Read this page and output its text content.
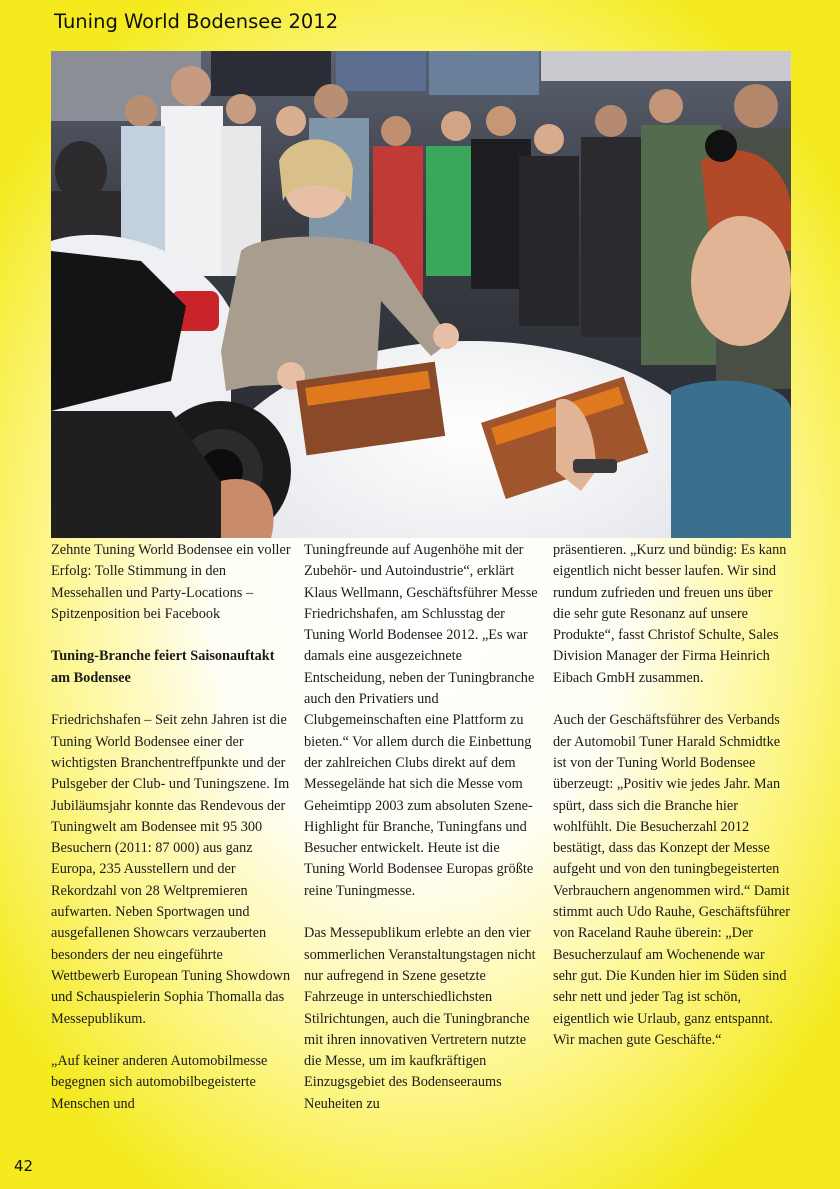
Tuning World Bodensee 2012

Zehnte Tuning World Bodensee ein voller Erfolg: Tolle Stimmung in den Messehallen und Party-Locations – Spitzenposition bei Facebook

Tuning-Branche feiert Saisonauftakt am Bodensee

Friedrichshafen – Seit zehn Jahren ist die Tuning World Bodensee einer der wichtigsten Branchentreffpunkte und der Pulsgeber der Club- und Tuningszene. Im Jubiläumsjahr konnte das Rendevous der Tuningwelt am Bodensee mit 95 300 Besuchern (2011: 87 000) aus ganz Europa, 235 Ausstellern und der Rekordzahl von 28 Weltpremieren aufwarten. Neben Sportwagen und ausgefallenen Showcars verzauberten besonders der neu eingeführte Wettbewerb European Tuning Showdown und Schauspielerin Sophia Thomalla das Messepublikum.

„Auf keiner anderen Automobilmesse begegnen sich automobilbegeisterte Menschen und

Tuningfreunde auf Augenhöhe mit der Zubehör- und Autoindustrie“, erklärt Klaus Wellmann, Geschäftsführer Messe Friedrichshafen, am Schlusstag der Tuning World Bodensee 2012. „Es war damals eine ausgezeichnete Entscheidung, neben der Tuningbranche auch den Privatiers und Clubgemeinschaften eine Plattform zu bieten.“ Vor allem durch die Einbettung der zahlreichen Clubs direkt auf dem Messegelände hat sich die Messe vom Geheimtipp 2003 zum absoluten Szene-Highlight für Branche, Tuningfans und Besucher entwickelt. Heute ist die Tuning World Bodensee Europas größte reine Tuningmesse.

Das Messepublikum erlebte an den vier sommerlichen Veranstaltungstagen nicht nur aufregend in Szene gesetzte Fahrzeuge in unterschiedlichsten Stilrichtungen, auch die Tuningbranche mit ihren innovativen Vertretern nutzte die Messe, um im kaufkräftigen Einzugsgebiet des Bodenseeraums Neuheiten zu

präsentieren. „Kurz und bündig: Es kann eigentlich nicht besser laufen. Wir sind rundum zufrieden und freuen uns über die sehr gute Resonanz auf unsere Produkte“, fasst Christof Schulte, Sales Division Manager der Firma Heinrich Eibach GmbH zusammen.

Auch der Geschäftsführer des Verbands der Automobil Tuner Harald Schmidtke ist von der Tuning World Bodensee überzeugt: „Positiv wie jedes Jahr. Man spürt, dass sich die Branche hier wohlfühlt. Die Besucherzahl 2012 bestätigt, dass das Konzept der Messe aufgeht und von den tuningbegeisterten Verbrauchern angenommen wird.“ Damit stimmt auch Udo Rauhe, Geschäftsführer von Raceland Rauhe überein: „Der Besucherzulauf am Wochenende war sehr gut. Die Kunden hier im Süden sind sehr nett und jeder Tag ist schön, eigentlich wie Urlaub, ganz entspannt. Wir machen gute Geschäfte.“

42
